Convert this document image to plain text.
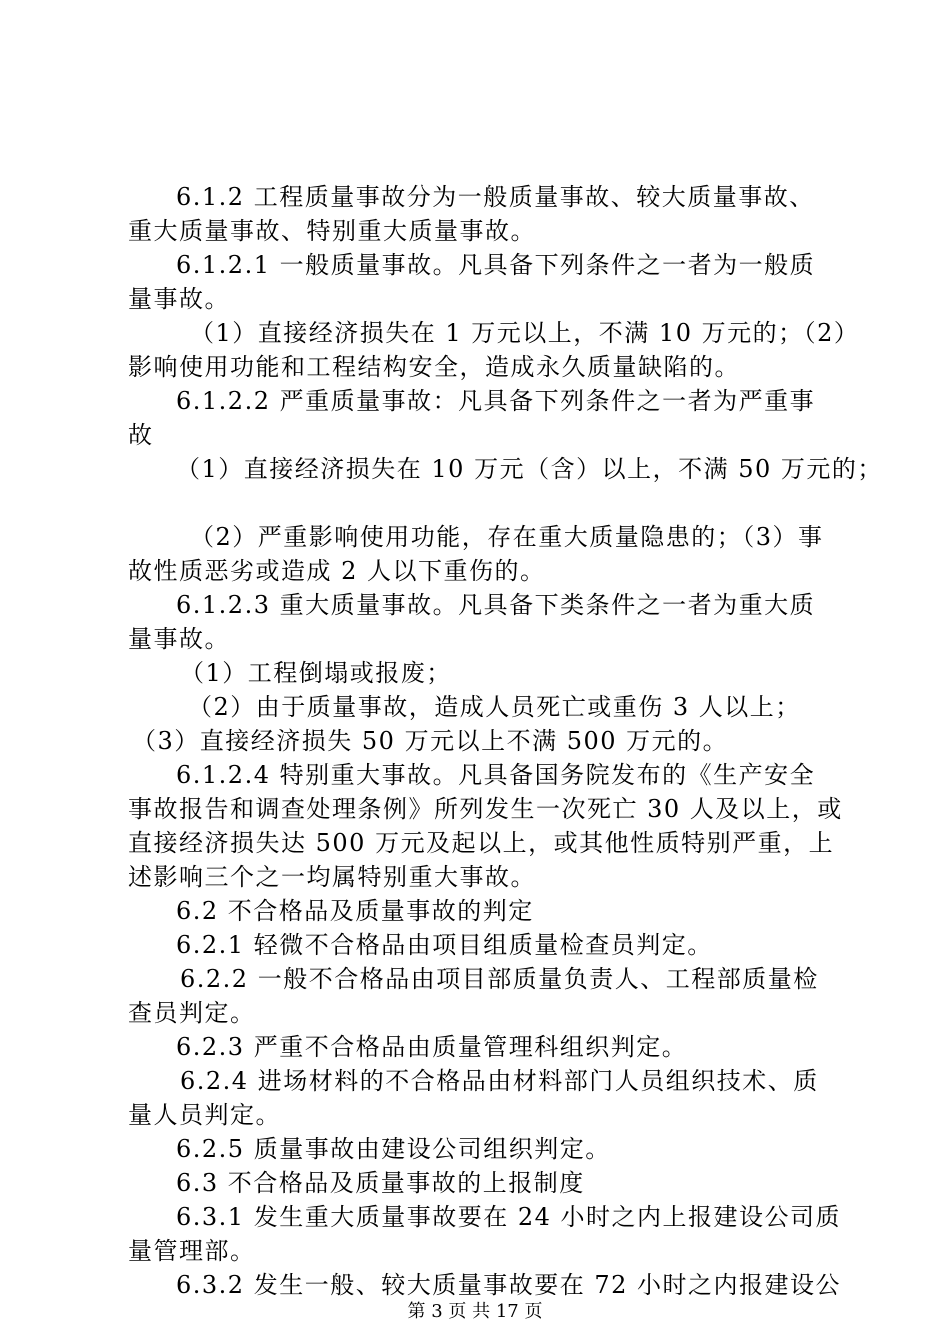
6.1.2 工程质量事故分为一般质量事故、较大质量事故、
重大质量事故、特别重大质量事故。
6.1.2.1 一般质量事故。凡具备下列条件之一者为一般质
量事故。
（1）直接经济损失在 1 万元以上，不满 10 万元的；（2）
影响使用功能和工程结构安全，造成永久质量缺陷的。
6.1.2.2 严重质量事故：凡具备下列条件之一者为严重事
故
（1）直接经济损失在 10 万元（含）以上，不满 50 万元的；
（2）严重影响使用功能，存在重大质量隐患的；（3）事
故性质恶劣或造成 2 人以下重伤的。
6.1.2.3 重大质量事故。凡具备下类条件之一者为重大质
量事故。
（1）工程倒塌或报废；
（2）由于质量事故，造成人员死亡或重伤 3 人以上；
（3）直接经济损失 50 万元以上不满 500 万元的。
6.1.2.4 特别重大事故。凡具备国务院发布的《生产安全
事故报告和调查处理条例》所列发生一次死亡 30 人及以上，或
直接经济损失达 500 万元及起以上，或其他性质特别严重，上
述影响三个之一均属特别重大事故。
6.2 不合格品及质量事故的判定
6.2.1 轻微不合格品由项目组质量检查员判定。
6.2.2 一般不合格品由项目部质量负责人、工程部质量检
查员判定。
6.2.3 严重不合格品由质量管理科组织判定。
6.2.4 进场材料的不合格品由材料部门人员组织技术、质
量人员判定。
6.2.5 质量事故由建设公司组织判定。
6.3 不合格品及质量事故的上报制度
6.3.1 发生重大质量事故要在 24 小时之内上报建设公司质
量管理部。
6.3.2 发生一般、较大质量事故要在 72 小时之内报建设公
第 3 页 共 17 页
